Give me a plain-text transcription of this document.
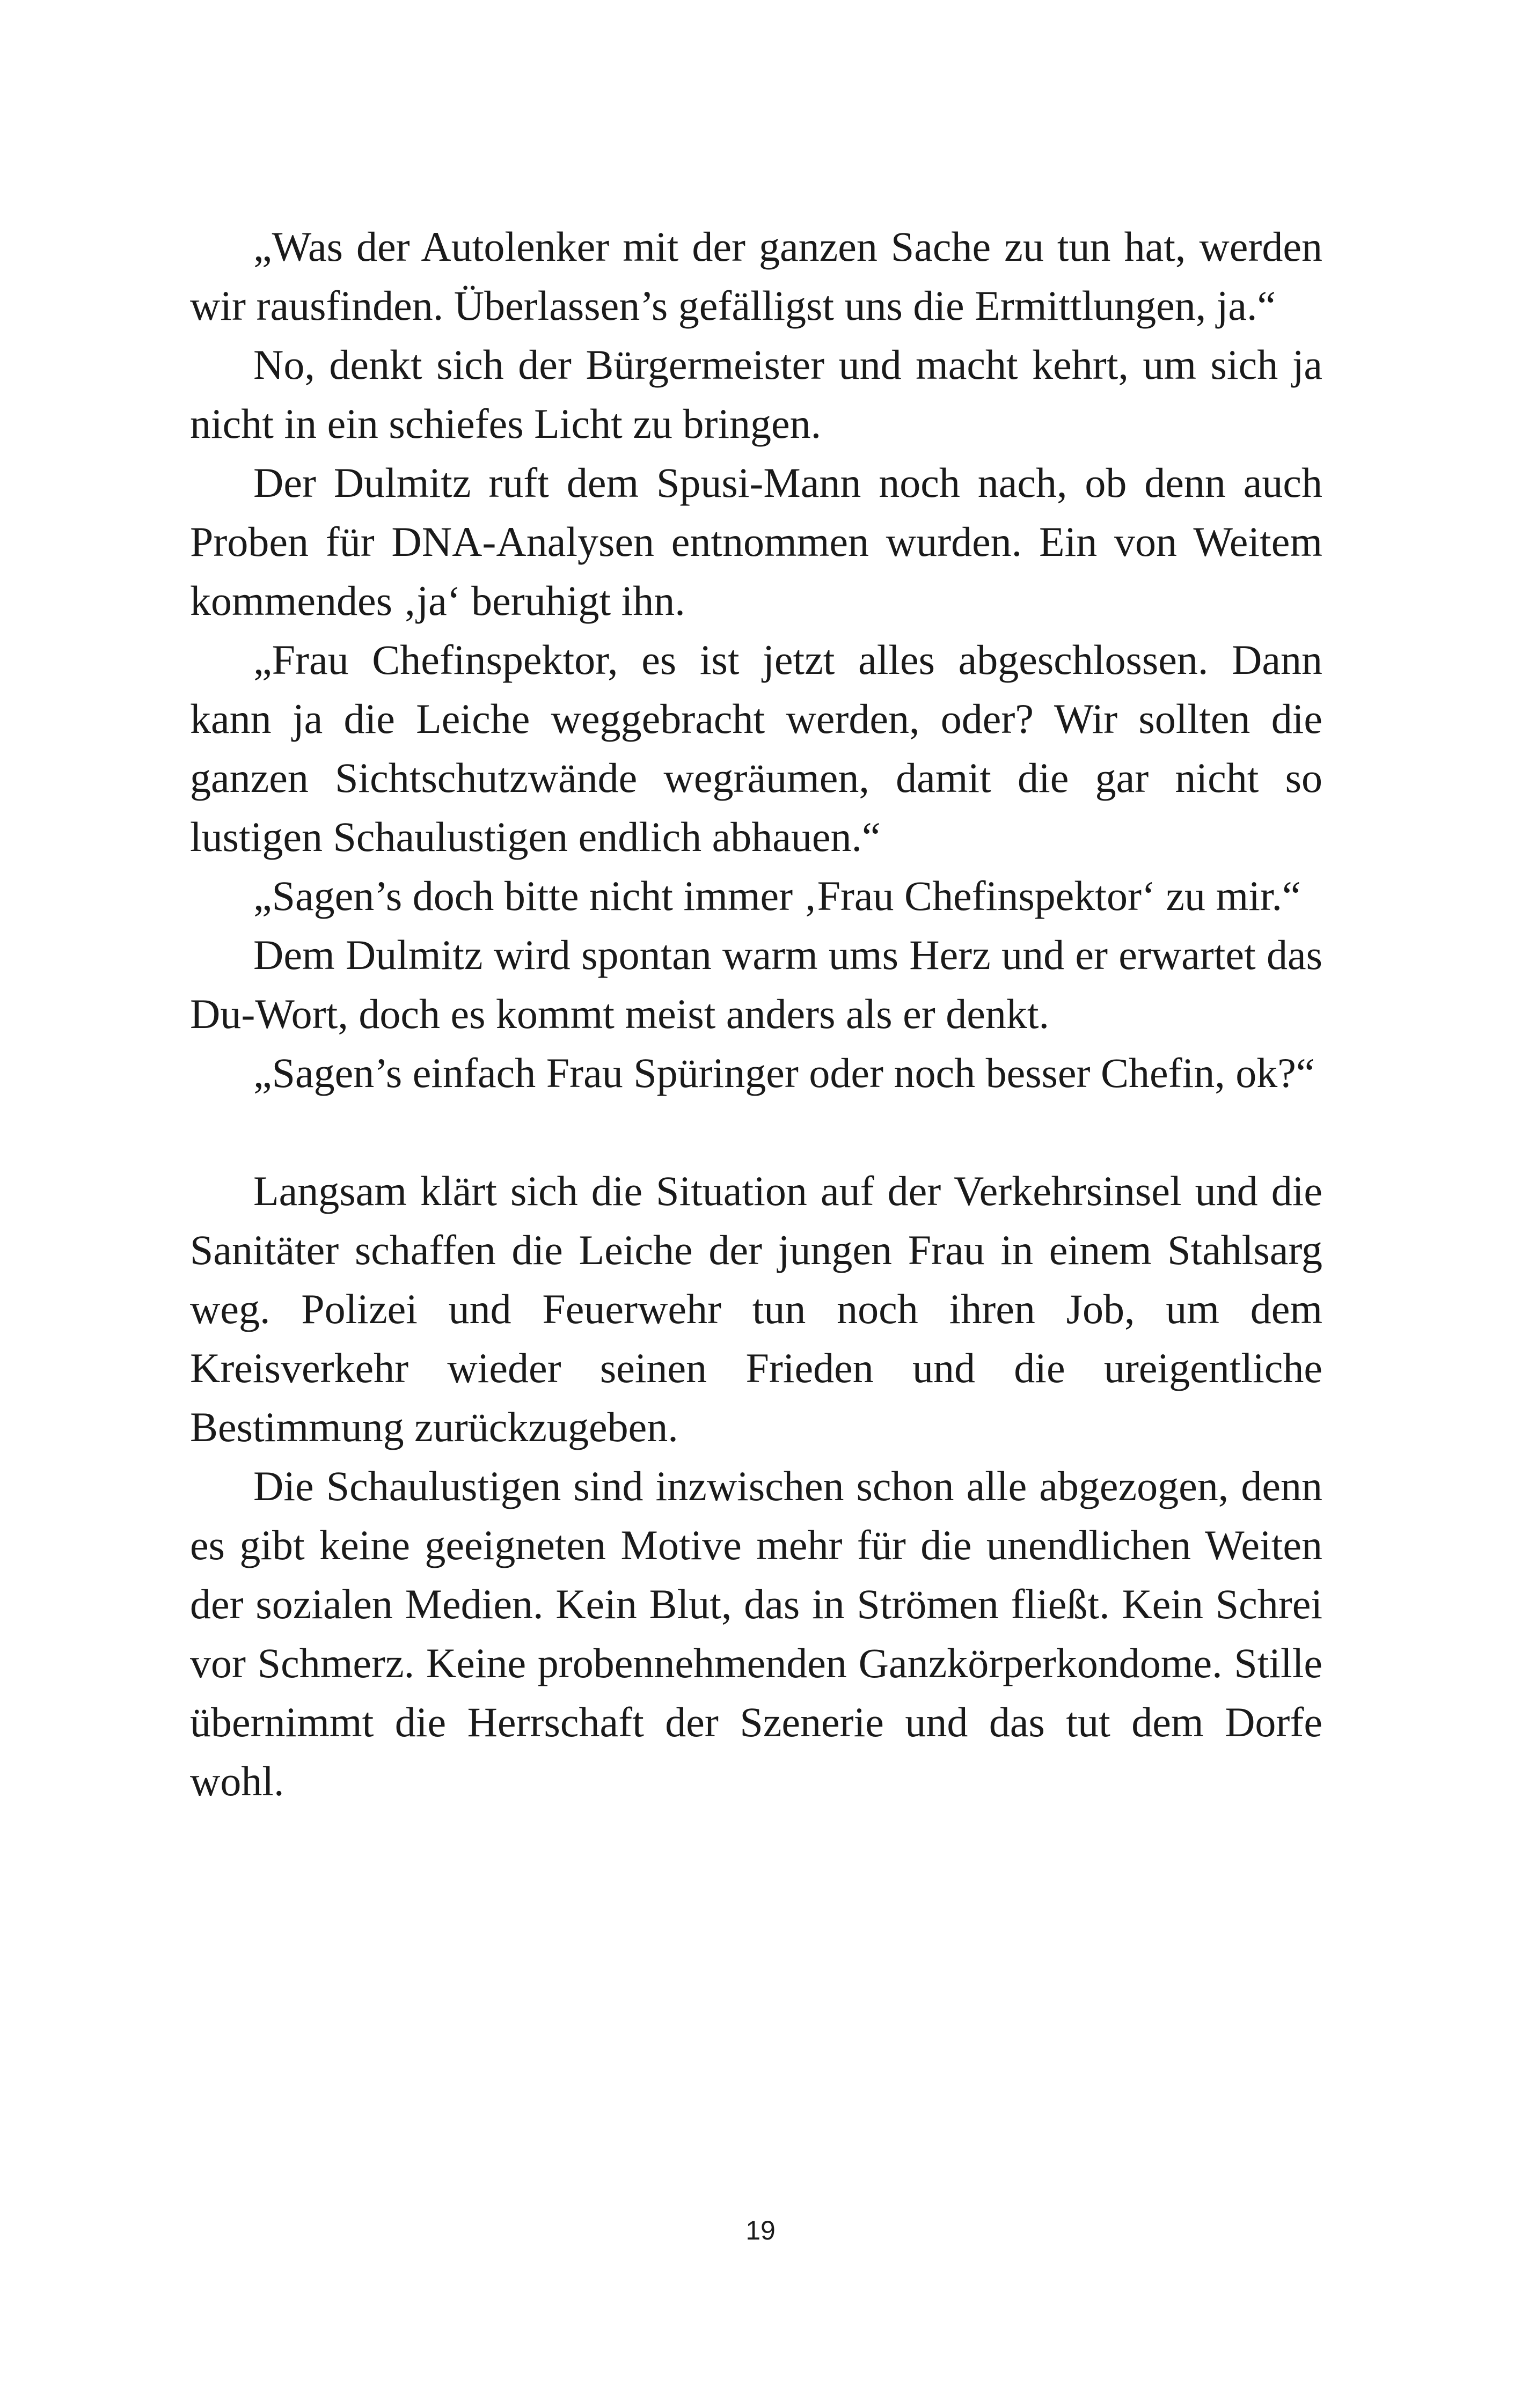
„Was der Autolenker mit der ganzen Sache zu tun hat, werden wir rausfinden. Überlassen’s gefälligst uns die Ermittlungen, ja.“

No, denkt sich der Bürgermeister und macht kehrt, um sich ja nicht in ein schiefes Licht zu bringen.

Der Dulmitz ruft dem Spusi-Mann noch nach, ob denn auch Proben für DNA-Analysen entnommen wurden. Ein von Weitem kommendes ‚ja‘ beruhigt ihn.

„Frau Chefinspektor, es ist jetzt alles abgeschlossen. Dann kann ja die Leiche weggebracht werden, oder? Wir sollten die ganzen Sichtschutzwände wegräumen, damit die gar nicht so lustigen Schaulustigen endlich abhauen.“

„Sagen’s doch bitte nicht immer ‚Frau Chefinspektor‘ zu mir.“

Dem Dulmitz wird spontan warm ums Herz und er erwartet das Du-Wort, doch es kommt meist anders als er denkt.

„Sagen’s einfach Frau Spüringer oder noch besser Chefin, ok?“

Langsam klärt sich die Situation auf der Verkehrsinsel und die Sanitäter schaffen die Leiche der jungen Frau in einem Stahlsarg weg. Polizei und Feuerwehr tun noch ihren Job, um dem Kreisverkehr wieder seinen Frieden und die ureigentliche Bestimmung zurückzugeben.

Die Schaulustigen sind inzwischen schon alle abgezogen, denn es gibt keine geeigneten Motive mehr für die unendlichen Weiten der sozialen Medien. Kein Blut, das in Strömen fließt. Kein Schrei vor Schmerz. Keine probennehmenden Ganzkörperkondome. Stille übernimmt die Herrschaft der Szenerie und das tut dem Dorfe wohl.

19
